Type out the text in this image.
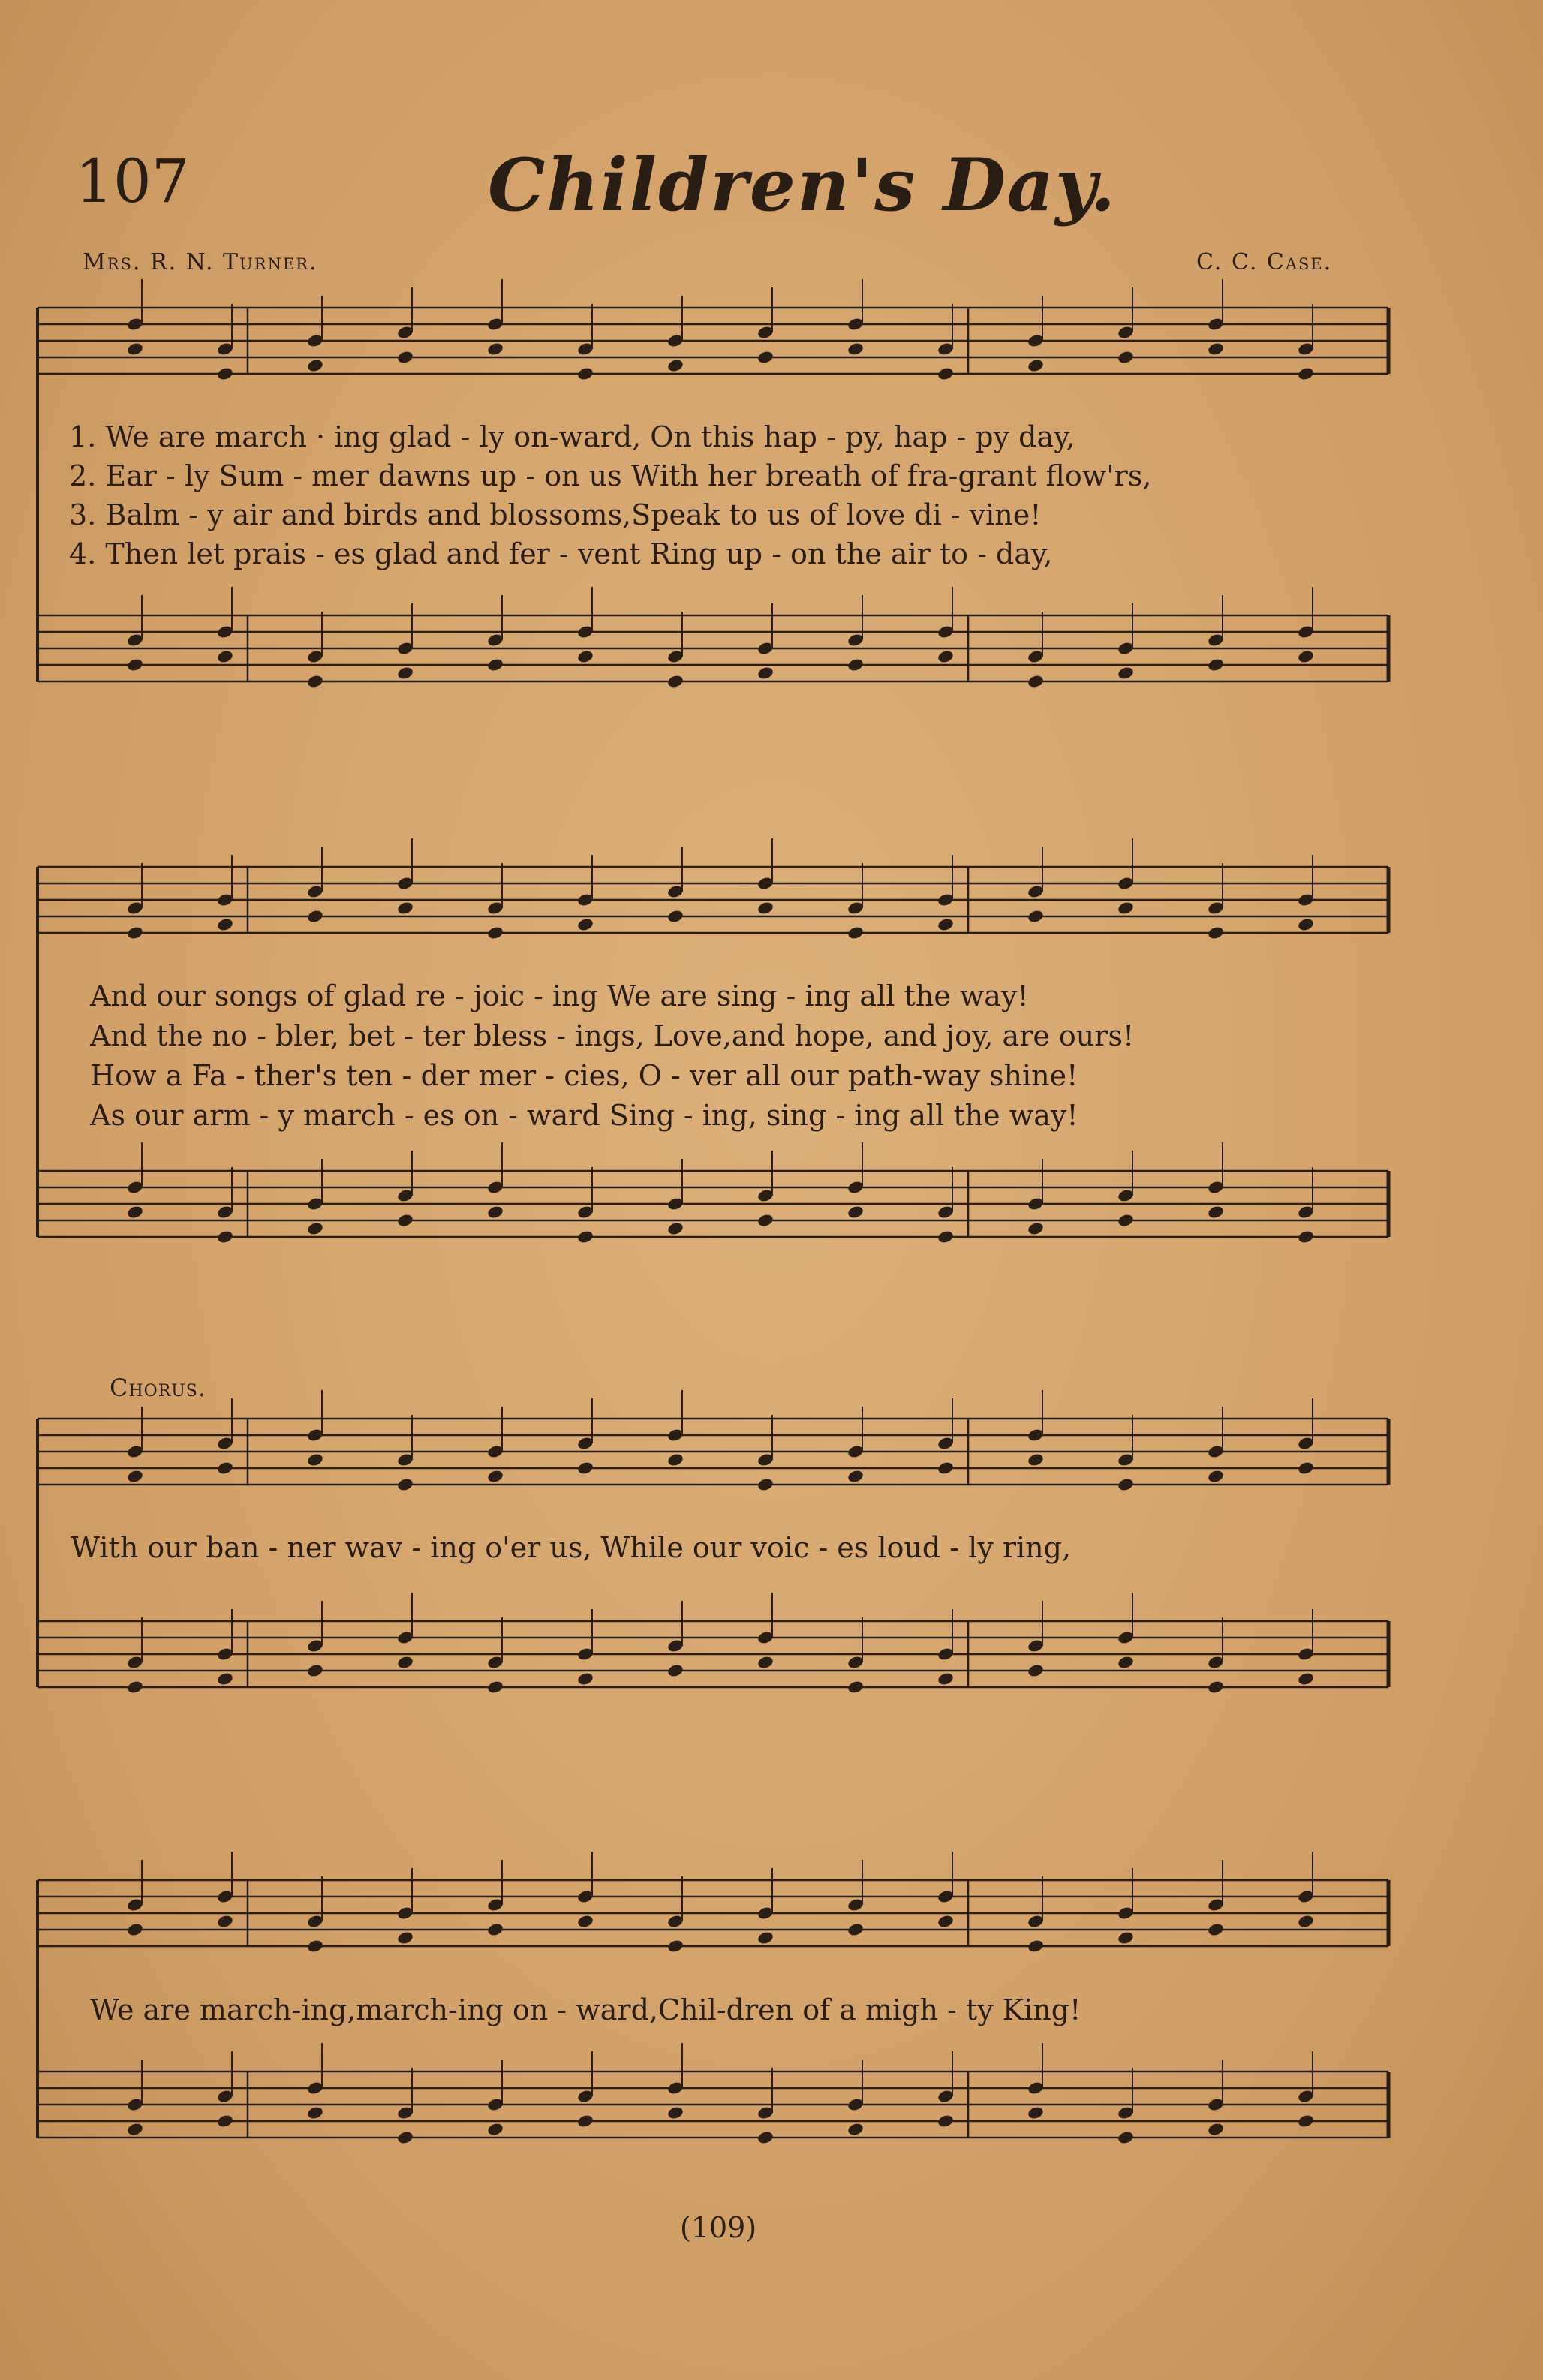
107	Children's Day.
Mrs. R. N. Turner.	C. C. Case.
1. We are march · ing glad - ly on-ward, On this hap - py, hap - py day,
2. Ear - ly Sum - mer dawns up - on us With her breath of fra-grant flow'rs,
3. Balm - y air and birds and blossoms,Speak to us of love di - vine!
4. Then let prais - es glad and fer - vent Ring up - on the air to - day,
And our songs of glad re - joic - ing We are sing - ing all the way!
And the no - bler, bet - ter bless - ings, Love,and hope, and joy, are ours!
How a Fa - ther's ten - der mer - cies, O - ver all our path-way shine!
As our arm - y march - es on - ward Sing - ing, sing - ing all the way!
Chorus.
With our ban - ner wav - ing o'er us, While our voic - es loud - ly ring,
We are march-ing,march-ing on - ward,Chil-dren of a migh - ty King!
(109)
